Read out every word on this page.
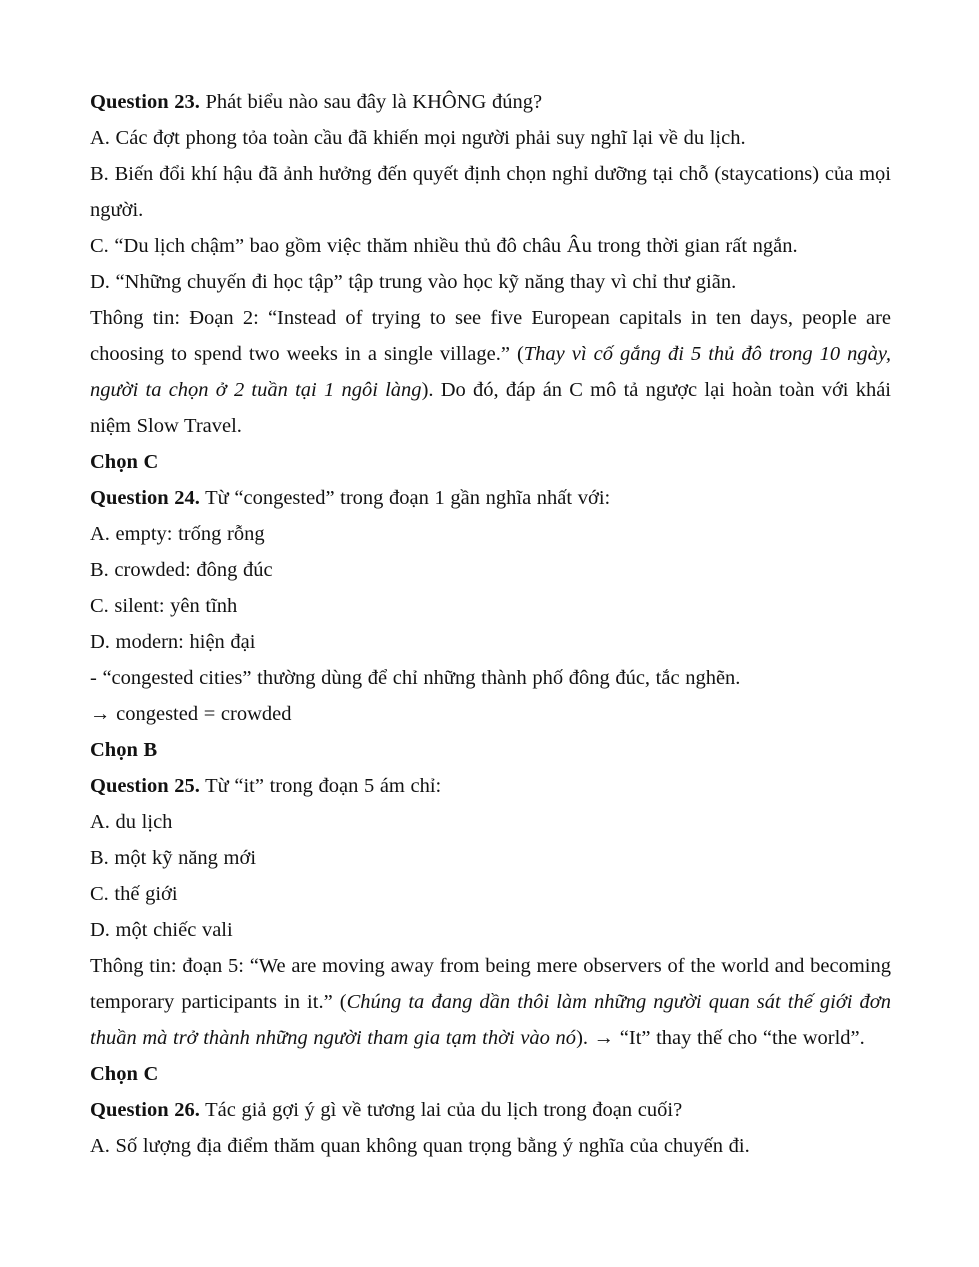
Question 23. Phát biểu nào sau đây là KHÔNG đúng?

A. Các đợt phong tỏa toàn cầu đã khiến mọi người phải suy nghĩ lại về du lịch.

B. Biến đổi khí hậu đã ảnh hưởng đến quyết định chọn nghỉ dưỡng tại chỗ (staycations) của mọi người.

C. “Du lịch chậm” bao gồm việc thăm nhiều thủ đô châu Âu trong thời gian rất ngắn.

D. “Những chuyến đi học tập” tập trung vào học kỹ năng thay vì chỉ thư giãn.

Thông tin: Đoạn 2: “Instead of trying to see five European capitals in ten days, people are choosing to spend two weeks in a single village.” (Thay vì cố gắng đi 5 thủ đô trong 10 ngày, người ta chọn ở 2 tuần tại 1 ngôi làng). Do đó, đáp án C mô tả ngược lại hoàn toàn với khái niệm Slow Travel.

Chọn C

Question 24. Từ “congested” trong đoạn 1 gần nghĩa nhất với:

A. empty: trống rỗng

B. crowded: đông đúc

C. silent: yên tĩnh

D. modern: hiện đại

- “congested cities” thường dùng để chỉ những thành phố đông đúc, tắc nghẽn.

→ congested = crowded

Chọn B

Question 25. Từ “it” trong đoạn 5 ám chỉ:

A. du lịch

B. một kỹ năng mới

C. thế giới

D. một chiếc vali

Thông tin: đoạn 5: “We are moving away from being mere observers of the world and becoming temporary participants in it.” (Chúng ta đang dần thôi làm những người quan sát thế giới đơn thuần mà trở thành những người tham gia tạm thời vào nó). → “It” thay thế cho “the world”.

Chọn C

Question 26. Tác giả gợi ý gì về tương lai của du lịch trong đoạn cuối?

A. Số lượng địa điểm thăm quan không quan trọng bằng ý nghĩa của chuyến đi.
